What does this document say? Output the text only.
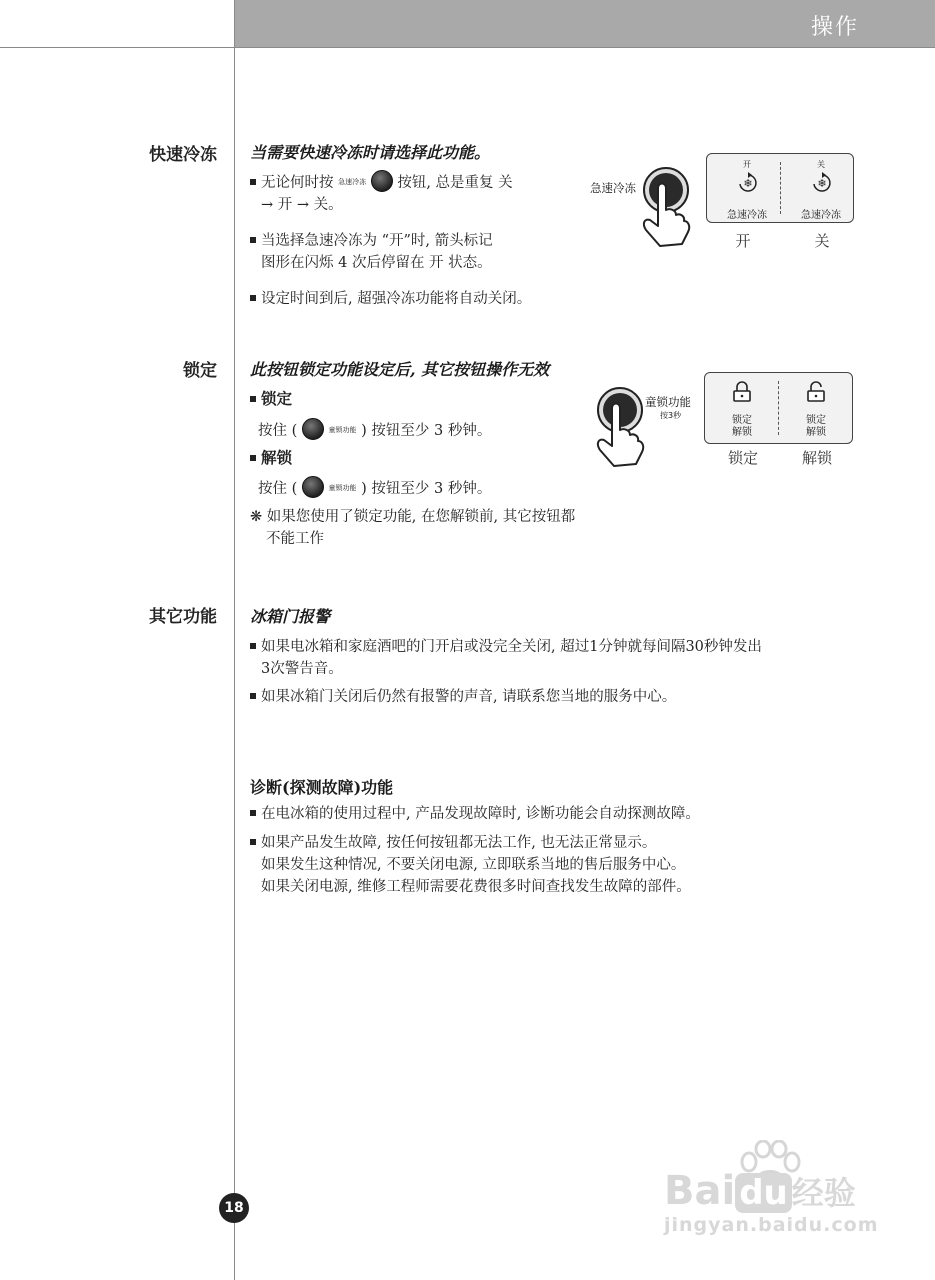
操作
快速冷冻 当需要快速冷冻时请选择此功能。
无论何时按 $^{急速冷冻}$ 按钮, 总是重复 关
→ 开 → 关。
当选择急速冷冻为 “开”时, 箭头标记
图形在闪烁 4 次后停留在 开 状态。
设定时间到后, 超强冷冻功能将自动关闭。
急速冷冻
开	关
❄	❄
急速冷冻	急速冷冻
开	关
锁定 此按钮锁定功能设定后, 其它按钮操作无效
锁定
按住 (	$^{童锁功能}$ ) 按钮至少 3 秒钟。
解锁
按住 (	$^{童锁功能}$ ) 按钮至少 3 秒钟。
❋ 如果您使用了锁定功能, 在您解锁前, 其它按钮都
不能工作
童锁功能
按3秒	锁定
解锁
锁定
解锁
锁定	解锁
其它功能 冰箱门报警
如果电冰箱和家庭酒吧的门开启或没完全关闭, 超过1分钟就每间隔30秒钟发出
3次警告音。
如果冰箱门关闭后仍然有报警的声音, 请联系您当地的服务中心。
诊断(探测故障)功能
在电冰箱的使用过程中, 产品发现故障时, 诊断功能会自动探测故障。
如果产品发生故障, 按任何按钮都无法工作, 也无法正常显示。
如果发生这种情况, 不要关闭电源, 立即联系当地的售后服务中心。
如果关闭电源, 维修工程师需要花费很多时间查找发生故障的部件。
18	Bai du 经验
jingyan.baidu.com
